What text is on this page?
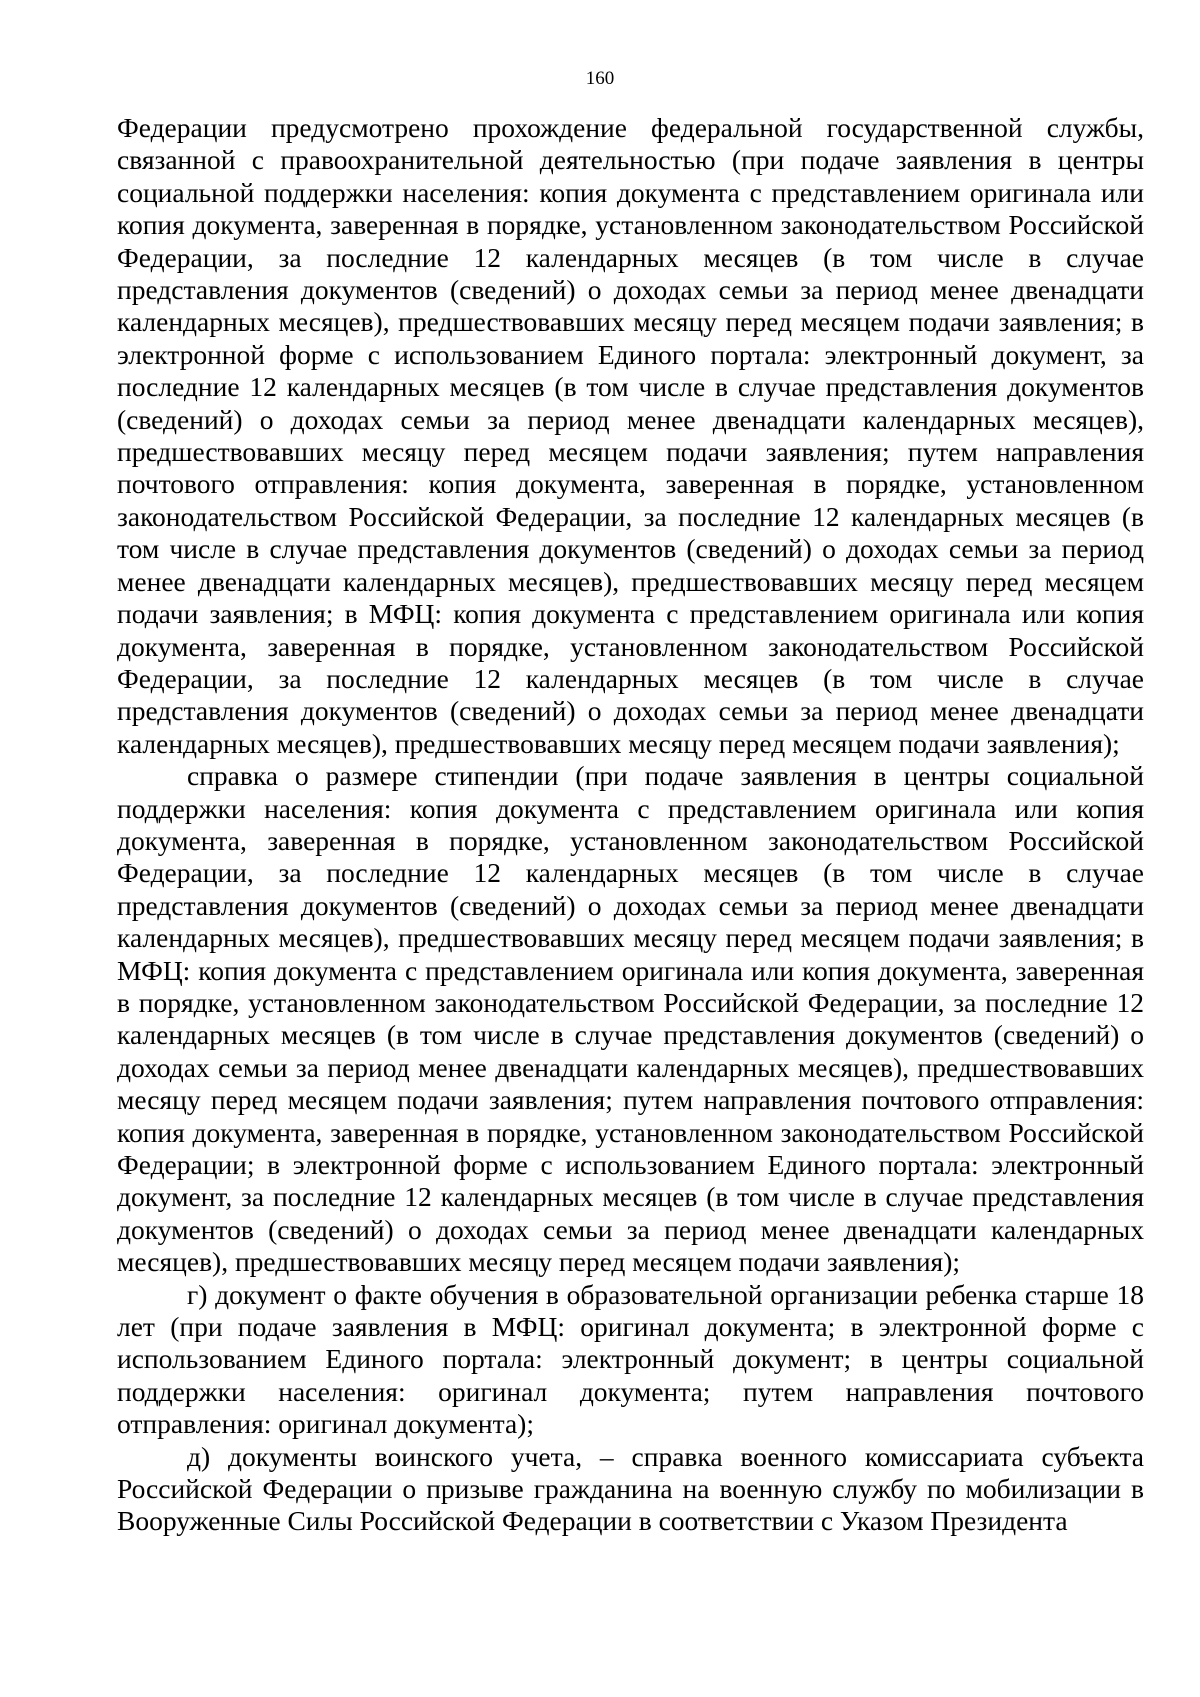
160

Федерации предусмотрено прохождение федеральной государственной службы, связанной с правоохранительной деятельностью (при подаче заявления в центры социальной поддержки населения: копия документа с представлением оригинала или копия документа, заверенная в порядке, установленном законодательством Российской Федерации, за последние 12 календарных месяцев (в том числе в случае представления документов (сведений) о доходах семьи за период менее двенадцати календарных месяцев), предшествовавших месяцу перед месяцем подачи заявления; в электронной форме с использованием Единого портала: электронный документ, за последние 12 календарных месяцев (в том числе в случае представления документов (сведений) о доходах семьи за период менее двенадцати календарных месяцев), предшествовавших месяцу перед месяцем подачи заявления; путем направления почтового отправления: копия документа, заверенная в порядке, установленном законодательством Российской Федерации, за последние 12 календарных месяцев (в том числе в случае представления документов (сведений) о доходах семьи за период менее двенадцати календарных месяцев), предшествовавших месяцу перед месяцем подачи заявления; в МФЦ: копия документа с представлением оригинала или копия документа, заверенная в порядке, установленном законодательством Российской Федерации, за последние 12 календарных месяцев (в том числе в случае представления документов (сведений) о доходах семьи за период менее двенадцати календарных месяцев), предшествовавших месяцу перед месяцем подачи заявления);

справка о размере стипендии (при подаче заявления в центры социальной поддержки населения: копия документа с представлением оригинала или копия документа, заверенная в порядке, установленном законодательством Российской Федерации, за последние 12 календарных месяцев (в том числе в случае представления документов (сведений) о доходах семьи за период менее двенадцати календарных месяцев), предшествовавших месяцу перед месяцем подачи заявления; в МФЦ: копия документа с представлением оригинала или копия документа, заверенная в порядке, установленном законодательством Российской Федерации, за последние 12 календарных месяцев (в том числе в случае представления документов (сведений) о доходах семьи за период менее двенадцати календарных месяцев), предшествовавших месяцу перед месяцем подачи заявления; путем направления почтового отправления: копия документа, заверенная в порядке, установленном законодательством Российской Федерации; в электронной форме с использованием Единого портала: электронный документ, за последние 12 календарных месяцев (в том числе в случае представления документов (сведений) о доходах семьи за период менее двенадцати календарных месяцев), предшествовавших месяцу перед месяцем подачи заявления);

г) документ о факте обучения в образовательной организации ребенка старше 18 лет (при подаче заявления в МФЦ: оригинал документа; в электронной форме с использованием Единого портала: электронный документ; в центры социальной поддержки населения: оригинал документа; путем направления почтового отправления: оригинал документа);

д) документы воинского учета, – справка военного комиссариата субъекта Российской Федерации о призыве гражданина на военную службу по мобилизации в Вооруженные Силы Российской Федерации в соответствии с Указом Президента
